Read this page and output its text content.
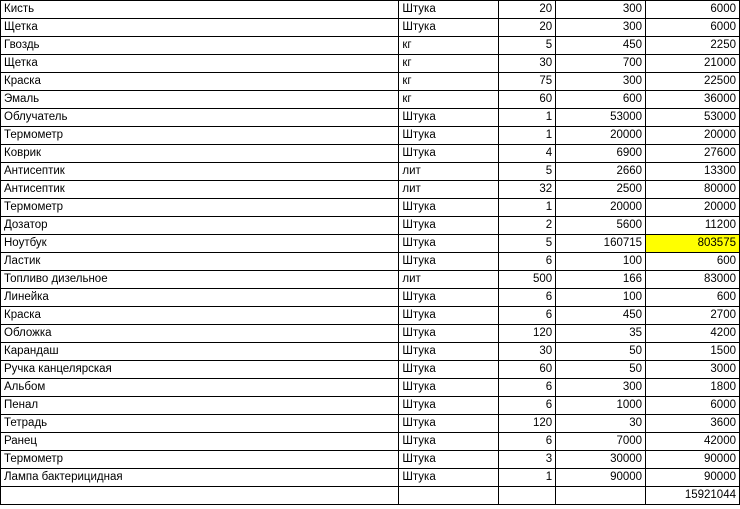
Кисть	Штука	20	300	6000
Щетка	Штука	20	300	6000
Гвоздь	кг	5	450	2250
Щетка	кг	30	700	21000
Краска	кг	75	300	22500
Эмаль	кг	60	600	36000
Облучатель	Штука	1	53000	53000
Термометр	Штука	1	20000	20000
Коврик	Штука	4	6900	27600
Антисептик	лит	5	2660	13300
Антисептик	лит	32	2500	80000
Термометр	Штука	1	20000	20000
Дозатор	Штука	2	5600	11200
Ноутбук	Штука	5	160715	803575
Ластик	Штука	6	100	600
Топливо дизельное	лит	500	166	83000
Линейка	Штука	6	100	600
Краска	Штука	6	450	2700
Обложка	Штука	120	35	4200
Карандаш	Штука	30	50	1500
Ручка канцелярская	Штука	60	50	3000
Альбом	Штука	6	300	1800
Пенал	Штука	6	1000	6000
Тетрадь	Штука	120	30	3600
Ранец	Штука	6	7000	42000
Термометр	Штука	3	30000	90000
Лампа бактерицидная	Штука	1	90000	90000
				15921044
